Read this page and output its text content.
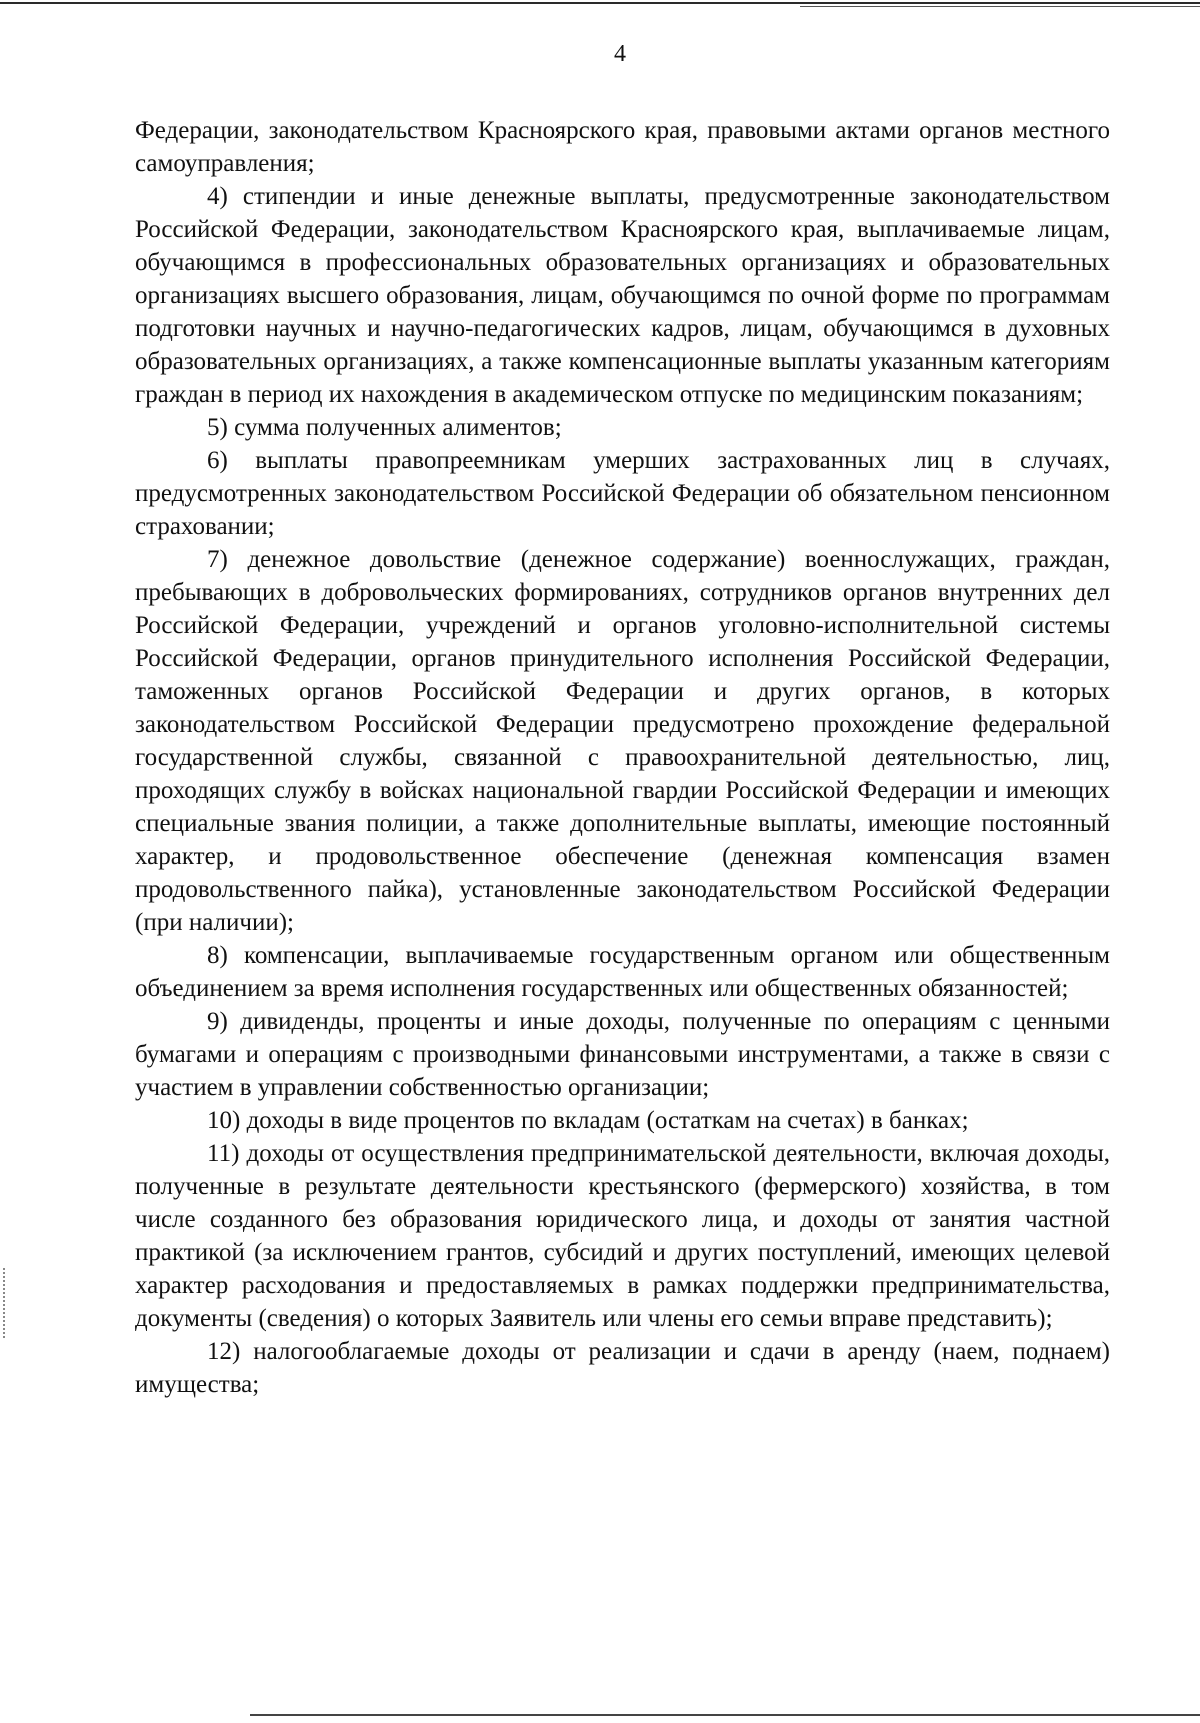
4

Федерации, законодательством Красноярского края, правовыми актами органов местного самоуправления;

4) стипендии и иные денежные выплаты, предусмотренные законодательством Российской Федерации, законодательством Красноярского края, выплачиваемые лицам, обучающимся в профессиональных образовательных организациях и образовательных организациях высшего образования, лицам, обучающимся по очной форме по программам подготовки научных и научно-педагогических кадров, лицам, обучающимся в духовных образовательных организациях, а также компенсационные выплаты указанным категориям граждан в период их нахождения в академическом отпуске по медицинским показаниям;

5) сумма полученных алиментов;

6) выплаты правопреемникам умерших застрахованных лиц в случаях, предусмотренных законодательством Российской Федерации об обязательном пенсионном страховании;

7) денежное довольствие (денежное содержание) военнослужащих, граждан, пребывающих в добровольческих формированиях, сотрудников органов внутренних дел Российской Федерации, учреждений и органов уголовно-исполнительной системы Российской Федерации, органов принудительного исполнения Российской Федерации, таможенных органов Российской Федерации и других органов, в которых законодательством Российской Федерации предусмотрено прохождение федеральной государственной службы, связанной с правоохранительной деятельностью, лиц, проходящих службу в войсках национальной гвардии Российской Федерации и имеющих специальные звания полиции, а также дополнительные выплаты, имеющие постоянный характер, и продовольственное обеспечение (денежная компенсация взамен продовольственного пайка), установленные законодательством Российской Федерации (при наличии);

8) компенсации, выплачиваемые государственным органом или общественным объединением за время исполнения государственных или общественных обязанностей;

9) дивиденды, проценты и иные доходы, полученные по операциям с ценными бумагами и операциям с производными финансовыми инструментами, а также в связи с участием в управлении собственностью организации;

10) доходы в виде процентов по вкладам (остаткам на счетах) в банках;

11) доходы от осуществления предпринимательской деятельности, включая доходы, полученные в результате деятельности крестьянского (фермерского) хозяйства, в том числе созданного без образования юридического лица, и доходы от занятия частной практикой (за исключением грантов, субсидий и других поступлений, имеющих целевой характер расходования и предоставляемых в рамках поддержки предпринимательства, документы (сведения) о которых Заявитель или члены его семьи вправе представить);

12) налогооблагаемые доходы от реализации и сдачи в аренду (наем, поднаем) имущества;
